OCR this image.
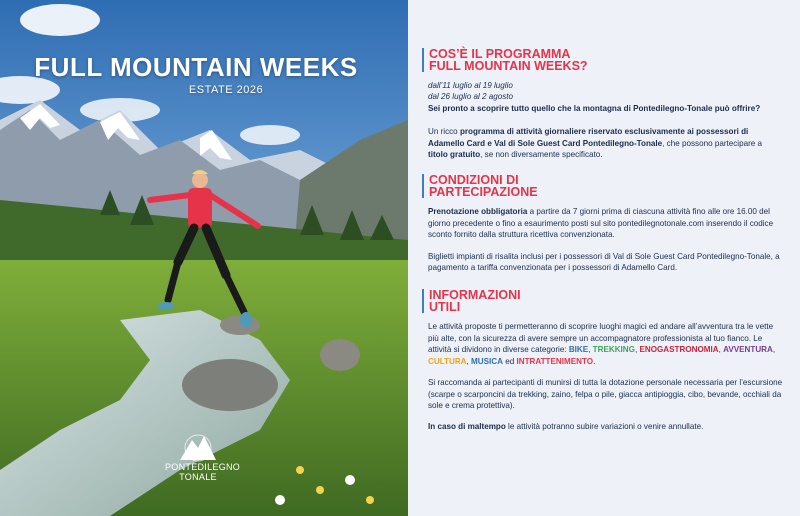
FULL MOUNTAIN WEEKS
ESTATE 2026
PONTEDILEGNO
TONALE
COS’È IL PROGRAMMA
FULL MOUNTAIN WEEKS?
dall’11 luglio al 19 luglio
dal 26 luglio al 2 agosto
Sei pronto a scoprire tutto quello che la montagna di Pontedilegno-Tonale può offrire?

Un ricco programma di attività giornaliere riservato esclusivamente ai possessori di Adamello Card e Val di Sole Guest Card Pontedilegno-Tonale, che possono partecipare a titolo gratuito, se non diversamente specificato.

CONDIZIONI DI
PARTECIPAZIONE

Prenotazione obbligatoria a partire da 7 giorni prima di ciascuna attività fino alle ore 16.00 del giorno precedente o fino a esaurimento posti sul sito pontedilegnotonale.com inserendo il codice sconto fornito dalla struttura ricettiva convenzionata.

Biglietti impianti di risalita inclusi per i possessori di Val di Sole Guest Card Pontedilegno-Tonale, a pagamento a tariffa convenzionata per i possessori di Adamello Card.

INFORMAZIONI
UTILI

Le attività proposte ti permetteranno di scoprire luoghi magici ed andare all’avventura tra le vette più alte, con la sicurezza di avere sempre un accompagnatore professionista al tuo fianco. Le attività si dividono in diverse categorie: BIKE, TREKKING, ENOGASTRONOMIA, AVVENTURA, CULTURA, MUSICA ed INTRATTENIMENTO.

Si raccomanda ai partecipanti di munirsi di tutta la dotazione personale necessaria per l’escursione (scarpe o scarponcini da trekking, zaino, felpa o pile, giacca antipioggia, cibo, bevande, occhiali da sole e crema protettiva).

In caso di maltempo le attività potranno subire variazioni o venire annullate.
